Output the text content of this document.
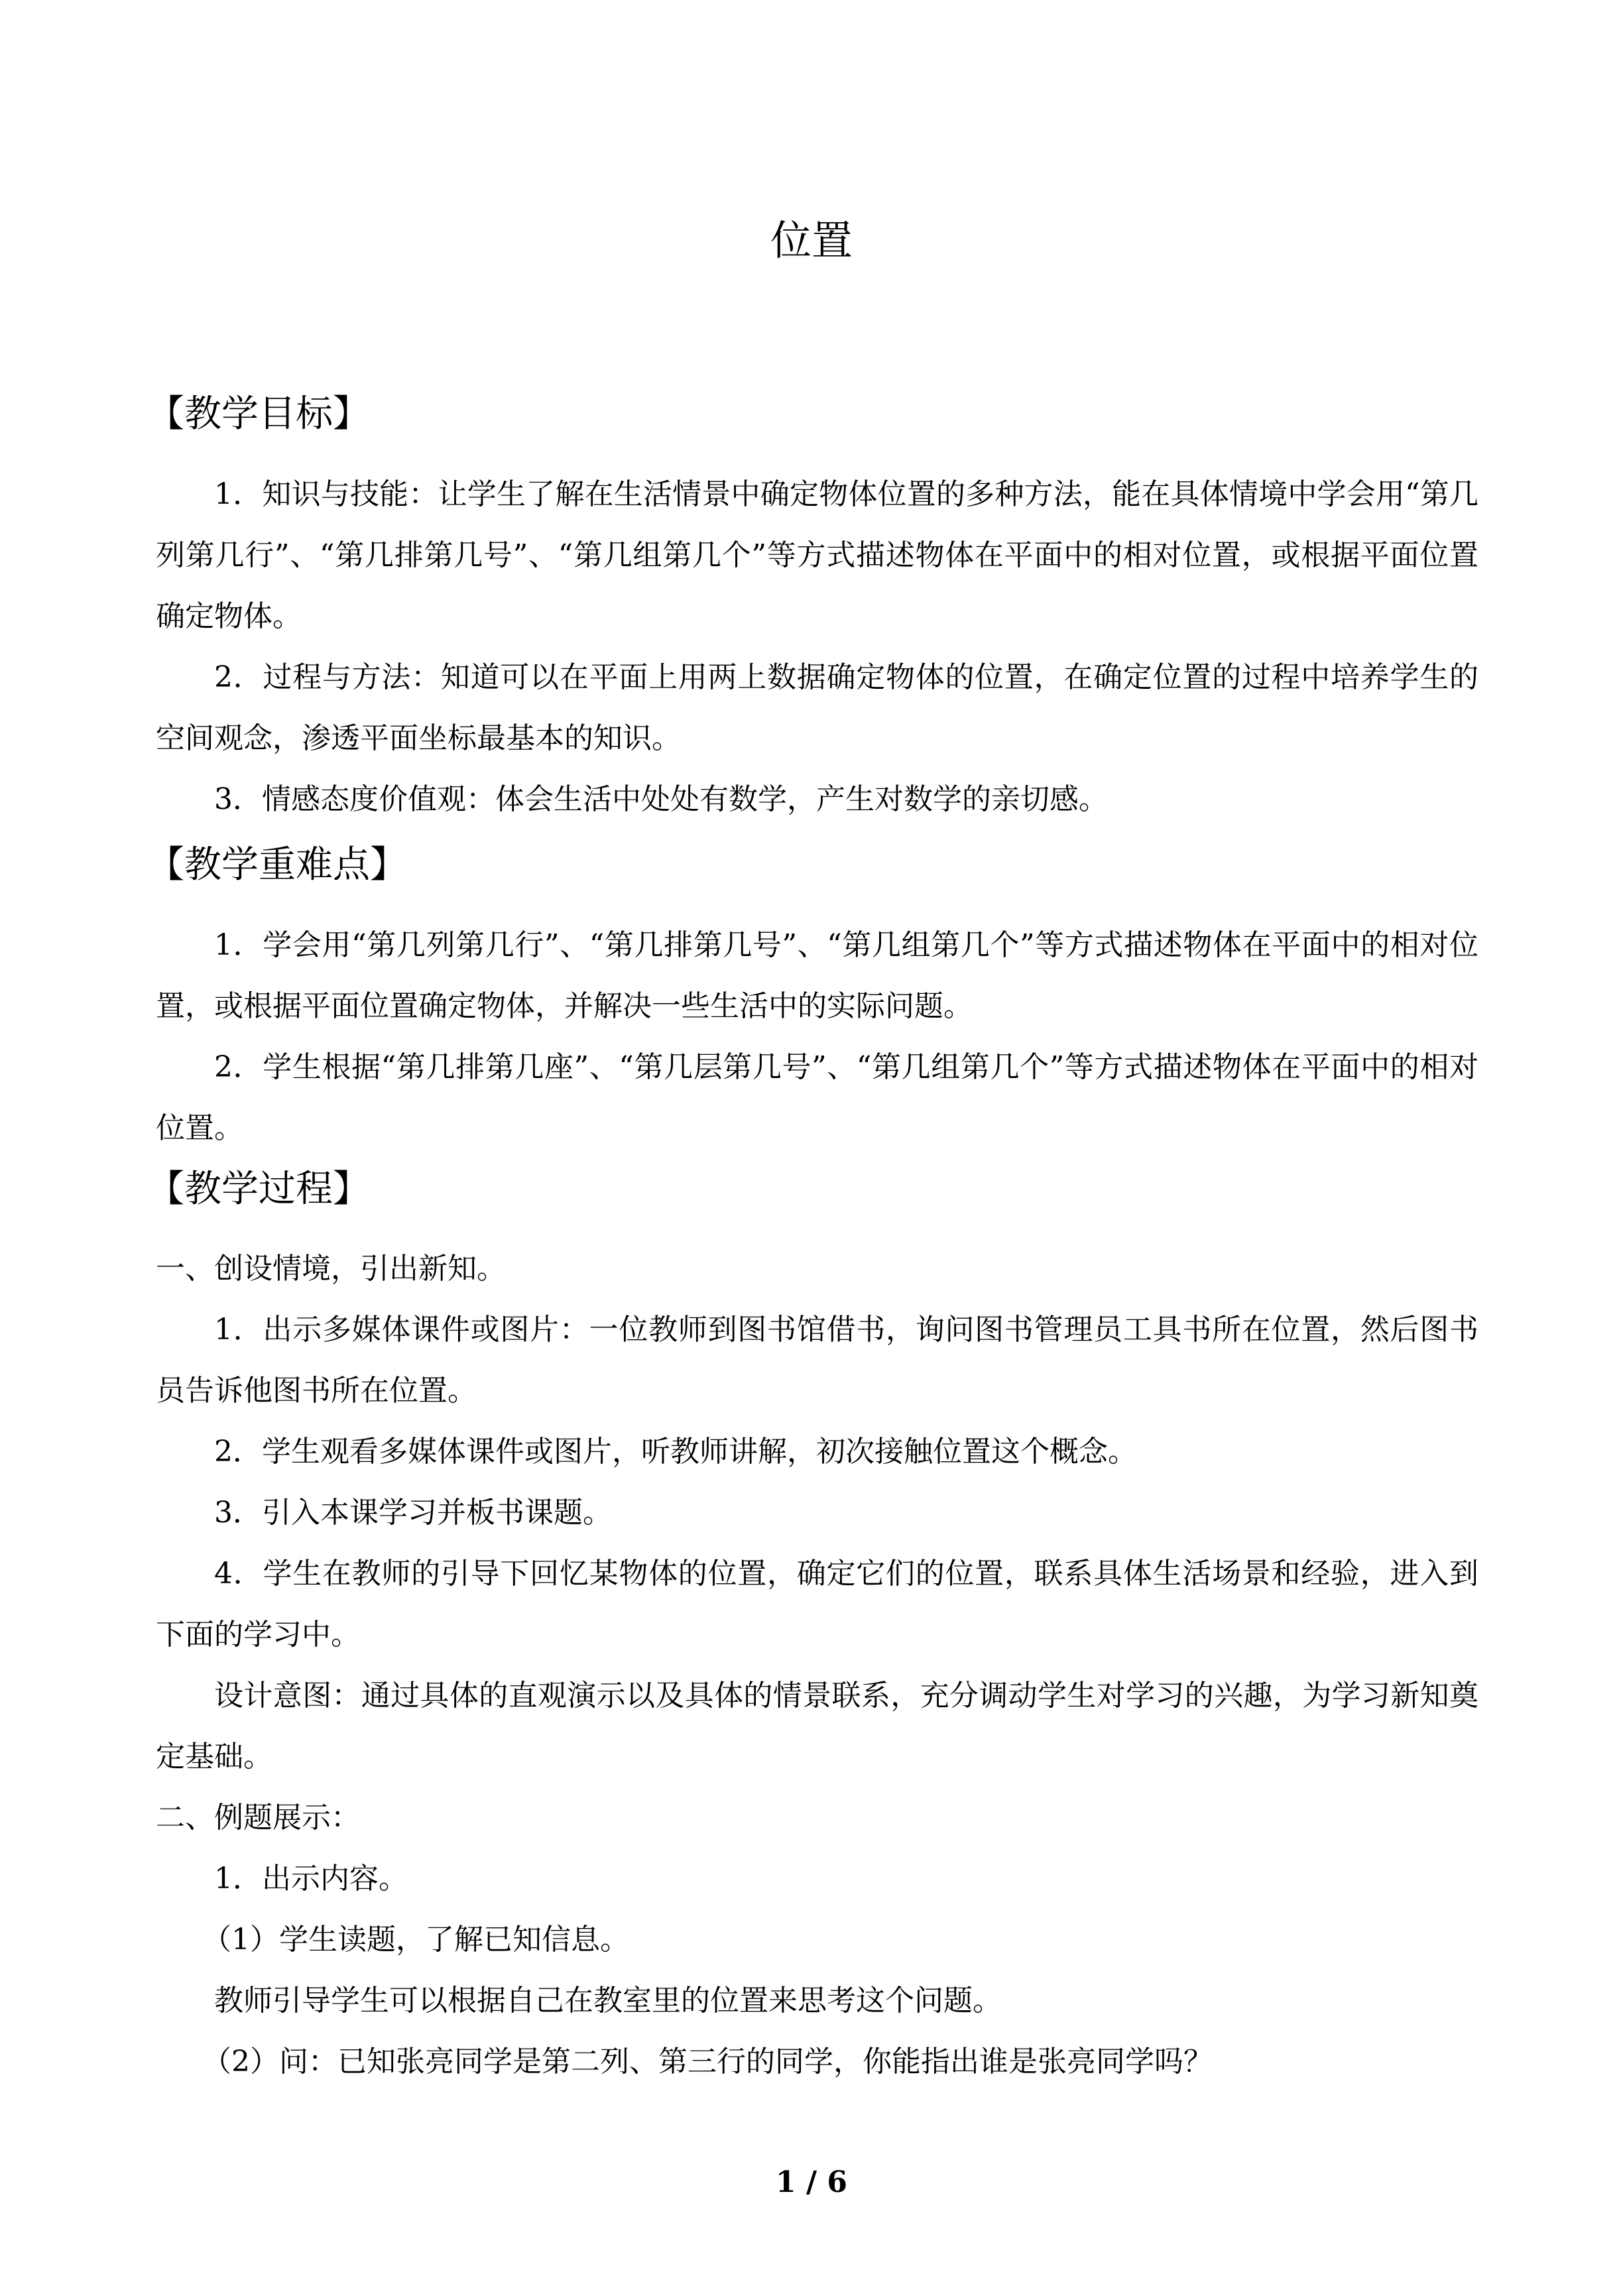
位置
【教学目标】
1．知识与技能：让学生了解在生活情景中确定物体位置的多种方法，能在具体情境中学会用“第几列第几行”、“第几排第几号”、“第几组第几个”等方式描述物体在平面中的相对位置，或根据平面位置确定物体。
2．过程与方法：知道可以在平面上用两上数据确定物体的位置，在确定位置的过程中培养学生的空间观念，渗透平面坐标最基本的知识。
3．情感态度价值观：体会生活中处处有数学，产生对数学的亲切感。
【教学重难点】
1．学会用“第几列第几行”、“第几排第几号”、“第几组第几个”等方式描述物体在平面中的相对位置，或根据平面位置确定物体，并解决一些生活中的实际问题。
2．学生根据“第几排第几座”、“第几层第几号”、“第几组第几个”等方式描述物体在平面中的相对位置。
【教学过程】
一、创设情境，引出新知。
1．出示多媒体课件或图片：一位教师到图书馆借书，询问图书管理员工具书所在位置，然后图书员告诉他图书所在位置。
2．学生观看多媒体课件或图片，听教师讲解，初次接触位置这个概念。
3．引入本课学习并板书课题。
4．学生在教师的引导下回忆某物体的位置，确定它们的位置，联系具体生活场景和经验，进入到下面的学习中。
设计意图：通过具体的直观演示以及具体的情景联系，充分调动学生对学习的兴趣，为学习新知奠定基础。
二、例题展示：
1．出示内容。
（1）学生读题，了解已知信息。
教师引导学生可以根据自己在教室里的位置来思考这个问题。
（2）问：已知张亮同学是第二列、第三行的同学，你能指出谁是张亮同学吗？
1 / 6
